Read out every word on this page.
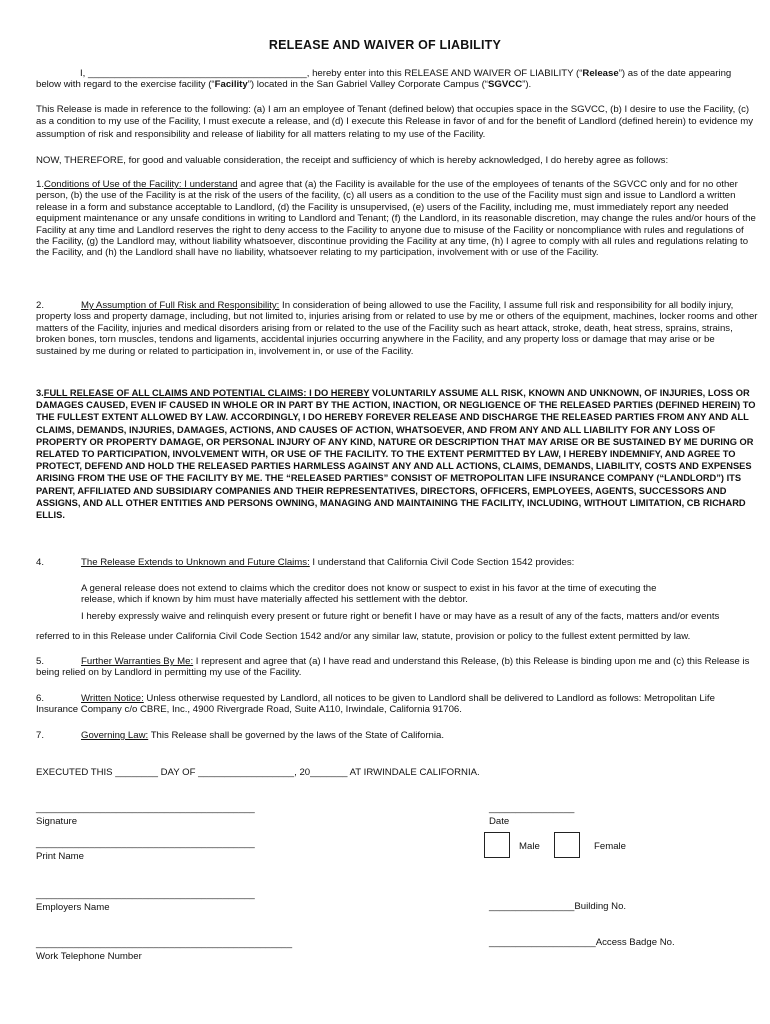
RELEASE AND WAIVER OF LIABILITY
I, _________________________________________, hereby enter into this RELEASE AND WAIVER OF LIABILITY (“Release”) as of the date appearing below with regard to the exercise facility (“Facility”) located in the San Gabriel Valley Corporate Campus (“SGVCC”).
This Release is made in reference to the following: (a) I am an employee of Tenant (defined below) that occupies space in the SGVCC, (b) I desire to use the Facility, (c) as a condition to my use of the Facility, I must execute a release, and (d) I execute this Release in favor of and for the benefit of Landlord (defined herein) to evidence my assumption of risk and responsibility and release of liability for all matters relating to my use of the Facility.
NOW, THEREFORE, for good and valuable consideration, the receipt and sufficiency of which is hereby acknowledged, I do hereby agree as follows:
1.Conditions of Use of the Facility: I understand and agree that (a) the Facility is available for the use of the employees of tenants of the SGVCC only and for no other person, (b) the use of the Facility is at the risk of the users of the facility, (c) all users as a condition to the use of the Facility must sign and issue to Landlord a written release in a form and substance acceptable to Landlord, (d) the Facility is unsupervised, (e) users of the Facility, including me, must immediately report any needed equipment maintenance or any unsafe conditions in writing to Landlord and Tenant; (f) the Landlord, in its reasonable discretion, may change the rules and/or hours of the Facility at any time and Landlord reserves the right to deny access to the Facility to anyone due to misuse of the Facility or noncompliance with rules and regulations of the Facility, (g) the Landlord may, without liability whatsoever, discontinue providing the Facility at any time, (h) I agree to comply with all rules and regulations relating to the Facility, and (h) the Landlord shall have no liability, whatsoever relating to my participation, involvement with or use of the Facility.
2.	My Assumption of Full Risk and Responsibility: In consideration of being allowed to use the Facility, I assume full risk and responsibility for all bodily injury, property loss and property damage, including, but not limited to, injuries arising from or related to use by me or others of the equipment, machines, locker rooms and other matters of the Facility, injuries and medical disorders arising from or related to the use of the Facility such as heart attack, stroke, death, heat stress, sprains, strains, broken bones, torn muscles, tendons and ligaments, accidental injuries occurring anywhere in the Facility, and any property loss or damage that may arise or be sustained by me during or related to participation in, involvement in, or use of the Facility.
3.FULL RELEASE OF ALL CLAIMS AND POTENTIAL CLAIMS: I DO HEREBY VOLUNTARILY ASSUME ALL RISK, KNOWN AND UNKNOWN, OF INJURIES, LOSS OR DAMAGES CAUSED, EVEN IF CAUSED IN WHOLE OR IN PART BY THE ACTION, INACTION, OR NEGLIGENCE OF THE RELEASED PARTIES (DEFINED HEREIN) TO THE FULLEST EXTENT ALLOWED BY LAW. ACCORDINGLY, I DO HEREBY FOREVER RELEASE AND DISCHARGE THE RELEASED PARTIES FROM ANY AND ALL CLAIMS, DEMANDS, INJURIES, DAMAGES, ACTIONS, AND CAUSES OF ACTION, WHATSOEVER, AND FROM ANY AND ALL LIABILITY FOR ANY LOSS OF PROPERTY OR PROPERTY DAMAGE, OR PERSONAL INJURY OF ANY KIND, NATURE OR DESCRIPTION THAT MAY ARISE OR BE SUSTAINED BY ME DURING OR RELATED TO PARTICIPATION, INVOLVEMENT WITH, OR USE OF THE FACILITY. TO THE EXTENT PERMITTED BY LAW, I HEREBY INDEMNIFY, AND AGREE TO PROTECT, DEFEND AND HOLD THE RELEASED PARTIES HARMLESS AGAINST ANY AND ALL ACTIONS, CLAIMS, DEMANDS, LIABILITY, COSTS AND EXPENSES ARISING FROM THE USE OF THE FACILITY BY ME. THE “RELEASED PARTIES” CONSIST OF METROPOLITAN LIFE INSURANCE COMPANY (“LANDLORD”) ITS PARENT, AFFILIATED AND SUBSIDIARY COMPANIES AND THEIR REPRESENTATIVES, DIRECTORS, OFFICERS, EMPLOYEES, AGENTS, SUCCESSORS AND ASSIGNS, AND ALL OTHER ENTITIES AND PERSONS OWNING, MANAGING AND MAINTAINING THE FACILITY, INCLUDING, WITHOUT LIMITATION, CB RICHARD ELLIS.
4.	The Release Extends to Unknown and Future Claims: I understand that California Civil Code Section 1542 provides:
A general release does not extend to claims which the creditor does not know or suspect to exist in his favor at the time of executing the release, which if known by him must have materially affected his settlement with the debtor.
I hereby expressly waive and relinquish every present or future right or benefit I have or may have as a result of any of the facts, matters and/or events
referred to in this Release under California Civil Code Section 1542 and/or any similar law, statute, provision or policy to the fullest extent permitted by law.
5.	Further Warranties By Me: I represent and agree that (a) I have read and understand this Release, (b) this Release is binding upon me and (c) this Release is being relied on by Landlord in permitting my use of the Facility.
6.	Written Notice: Unless otherwise requested by Landlord, all notices to be given to Landlord shall be delivered to Landlord as follows: Metropolitan Life Insurance Company c/o CBRE, Inc., 4900 Rivergrade Road, Suite A110, Irwindale, California 91706.
7.	Governing Law: This Release shall be governed by the laws of the State of California.
EXECUTED THIS ________ DAY OF __________________, 20_______ AT IRWINDALE CALIFORNIA.
_________________________________________
Signature
________________
Date
_________________________________________
Print Name
Male	Female
_________________________________________
Employers Name	________________Building No.
________________________________________________
Work Telephone Number
____________________Access Badge No.
